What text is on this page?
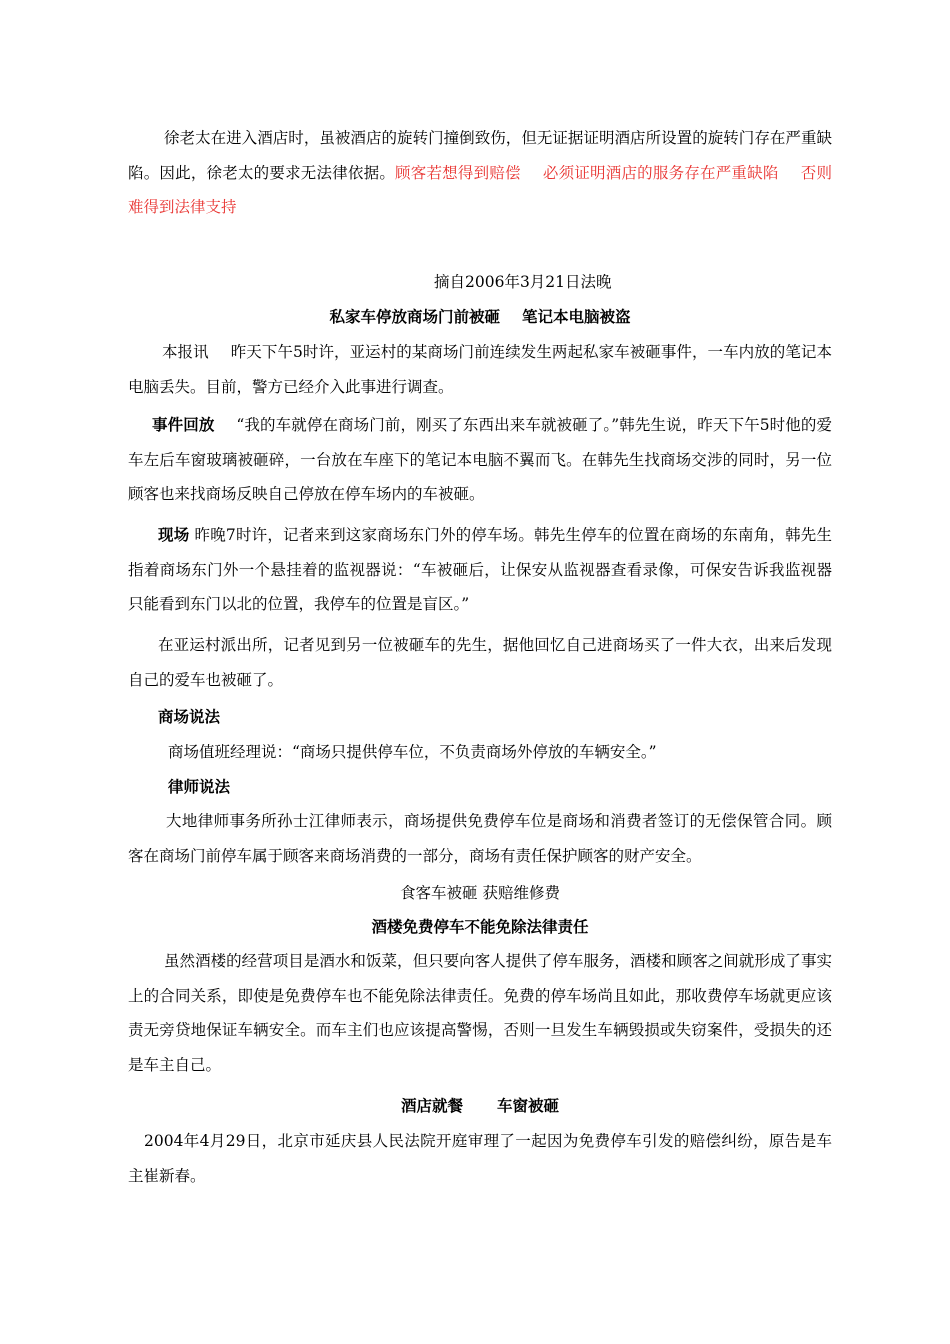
徐老太在进入酒店时，虽被酒店的旋转门撞倒致伤，但无证据证明酒店所设置的旋转门存在严重缺陷。因此，徐老太的要求无法律依据。顾客若想得到赔偿 必须证明酒店的服务存在严重缺陷 否则难得到法律支持

摘自2006年3月21日法晚

私家车停放商场门前被砸 笔记本电脑被盗

本报讯 昨天下午5时许，亚运村的某商场门前连续发生两起私家车被砸事件，一车内放的笔记本电脑丢失。目前，警方已经介入此事进行调查。

事件回放 “我的车就停在商场门前，刚买了东西出来车就被砸了。”韩先生说，昨天下午5时他的爱车左后车窗玻璃被砸碎，一台放在车座下的笔记本电脑不翼而飞。在韩先生找商场交涉的同时，另一位顾客也来找商场反映自己停放在停车场内的车被砸。

现场 昨晚7时许，记者来到这家商场东门外的停车场。韩先生停车的位置在商场的东南角，韩先生指着商场东门外一个悬挂着的监视器说：“车被砸后，让保安从监视器查看录像，可保安告诉我监视器只能看到东门以北的位置，我停车的位置是盲区。”

在亚运村派出所，记者见到另一位被砸车的先生，据他回忆自己进商场买了一件大衣，出来后发现自己的爱车也被砸了。

商场说法

商场值班经理说：“商场只提供停车位，不负责商场外停放的车辆安全。”

律师说法

大地律师事务所孙士江律师表示，商场提供免费停车位是商场和消费者签订的无偿保管合同。顾客在商场门前停车属于顾客来商场消费的一部分，商场有责任保护顾客的财产安全。

食客车被砸 获赔维修费

酒楼免费停车不能免除法律责任

虽然酒楼的经营项目是酒水和饭菜，但只要向客人提供了停车服务，酒楼和顾客之间就形成了事实上的合同关系，即使是免费停车也不能免除法律责任。免费的停车场尚且如此，那收费停车场就更应该责无旁贷地保证车辆安全。而车主们也应该提高警惕，否则一旦发生车辆毁损或失窃案件，受损失的还是车主自己。

酒店就餐 车窗被砸

2004年4月29日，北京市延庆县人民法院开庭审理了一起因为免费停车引发的赔偿纠纷，原告是车主崔新春。
